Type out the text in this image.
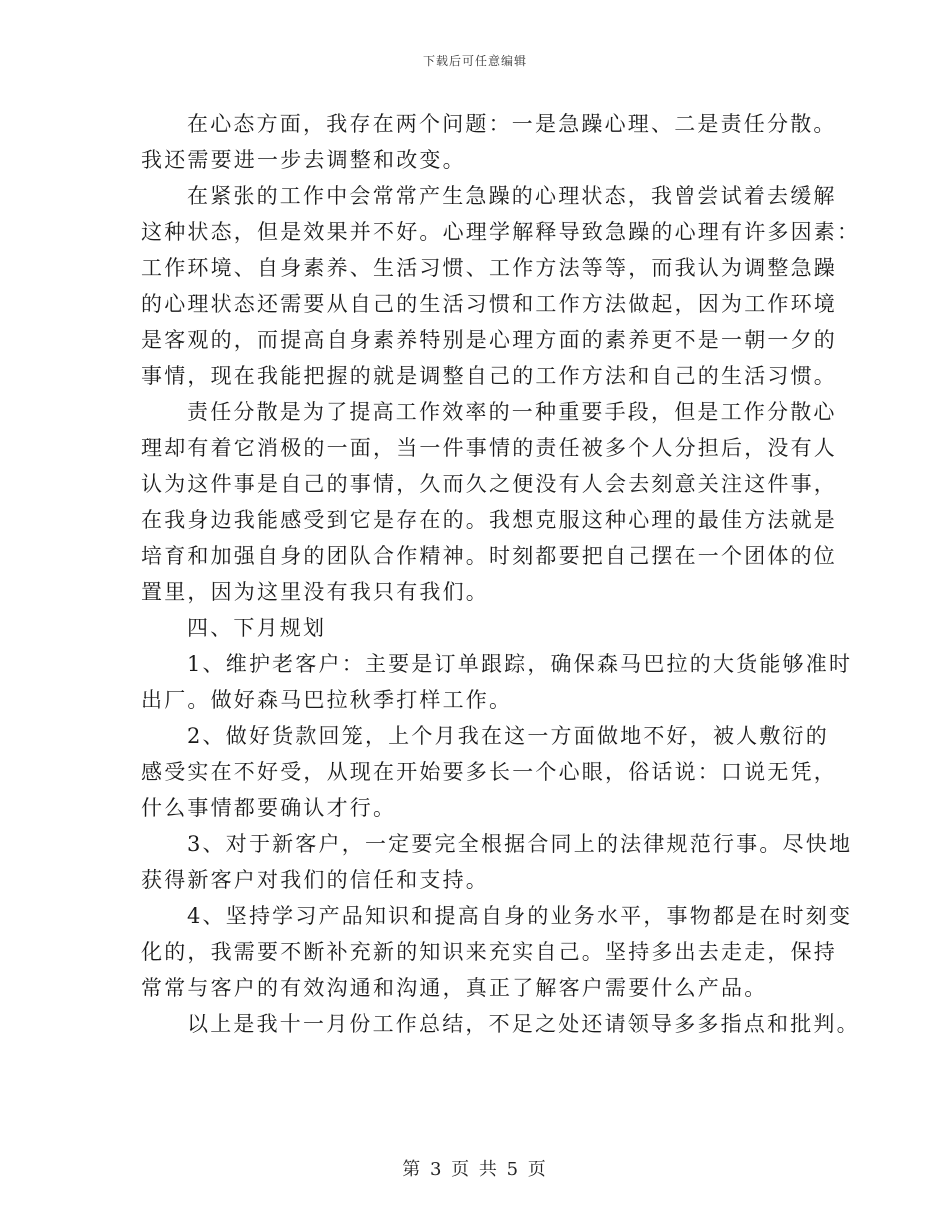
下载后可任意编辑
在心态方面，我存在两个问题：一是急躁心理、二是责任分散。
我还需要进一步去调整和改变。
在紧张的工作中会常常产生急躁的心理状态，我曾尝试着去缓解
这种状态，但是效果并不好。心理学解释导致急躁的心理有许多因素：
工作环境、自身素养、生活习惯、工作方法等等，而我认为调整急躁
的心理状态还需要从自己的生活习惯和工作方法做起，因为工作环境
是客观的，而提高自身素养特别是心理方面的素养更不是一朝一夕的
事情，现在我能把握的就是调整自己的工作方法和自己的生活习惯。
责任分散是为了提高工作效率的一种重要手段，但是工作分散心
理却有着它消极的一面，当一件事情的责任被多个人分担后，没有人
认为这件事是自己的事情，久而久之便没有人会去刻意关注这件事，
在我身边我能感受到它是存在的。我想克服这种心理的最佳方法就是
培育和加强自身的团队合作精神。时刻都要把自己摆在一个团体的位
置里，因为这里没有我只有我们。
四、下月规划
1、维护老客户：主要是订单跟踪，确保森马巴拉的大货能够准时
出厂。做好森马巴拉秋季打样工作。
2、做好货款回笼，上个月我在这一方面做地不好，被人敷衍的
感受实在不好受，从现在开始要多长一个心眼，俗话说：口说无凭，
什么事情都要确认才行。
3、对于新客户，一定要完全根据合同上的法律规范行事。尽快地
获得新客户对我们的信任和支持。
4、坚持学习产品知识和提高自身的业务水平，事物都是在时刻变
化的，我需要不断补充新的知识来充实自己。坚持多出去走走，保持
常常与客户的有效沟通和沟通，真正了解客户需要什么产品。
以上是我十一月份工作总结，不足之处还请领导多多指点和批判。
第 3 页 共 5 页
